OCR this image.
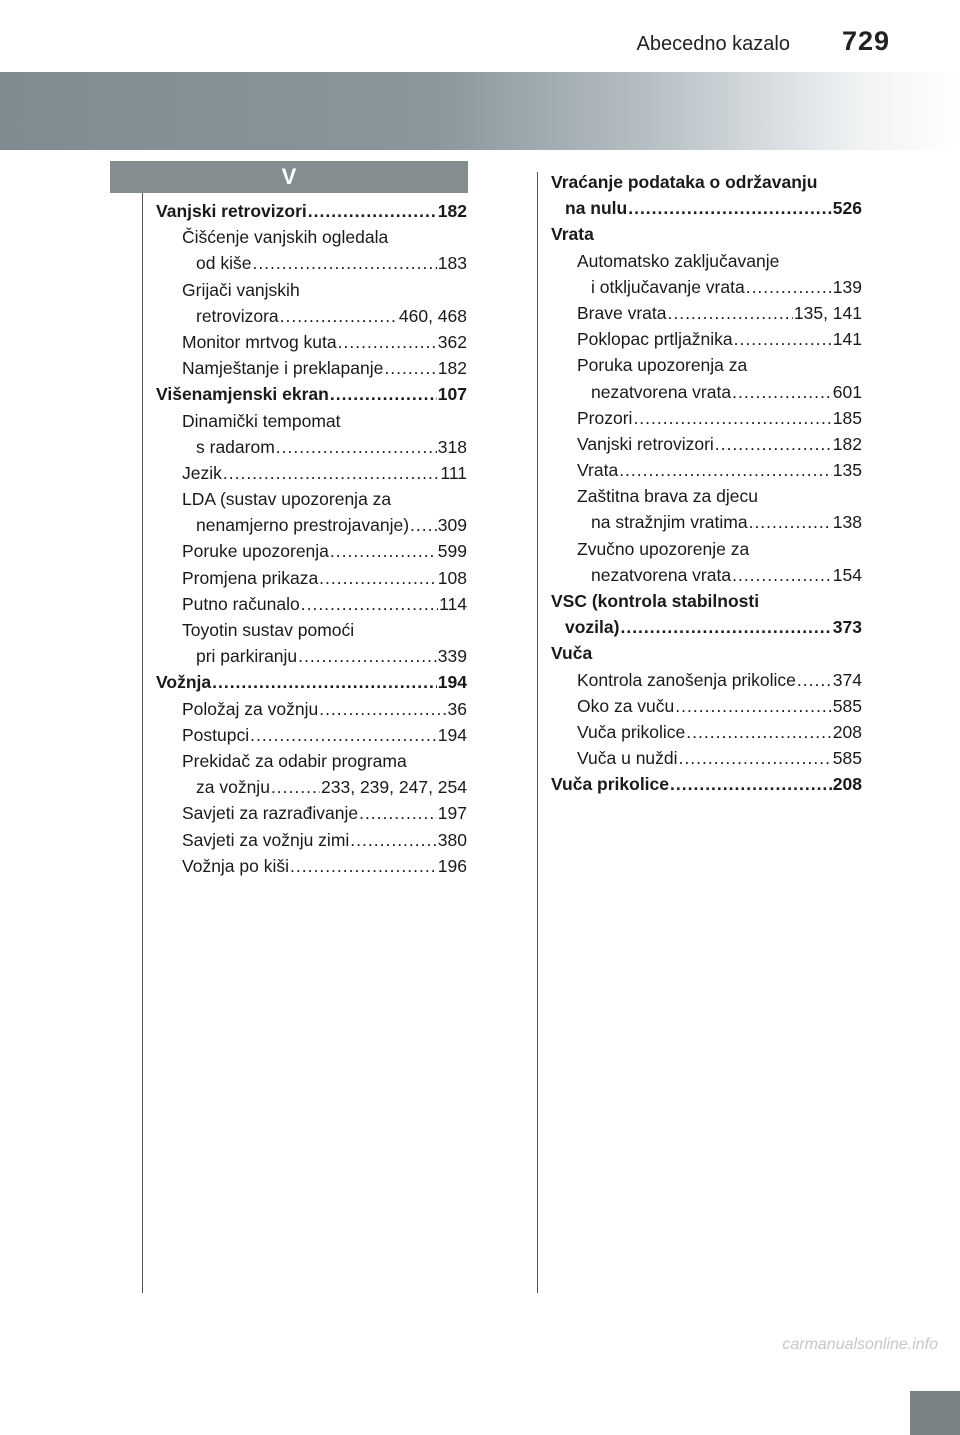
Abecedno kazalo 729
V
Vanjski retrovizori .....	182
Čišćenje vanjskih ogledala
od kiše .....	183
Grijači vanjskih
retrovizora .....	460, 468
Monitor mrtvog kuta .....	362
Namještanje i preklapanje .....	182
Višenamjenski ekran .....	107
Dinamički tempomat
s radarom .....	318
Jezik .....	111
LDA (sustav upozorenja za
nenamjerno prestrojavanje) ..... 309
Poruke upozorenja .....	599
Promjena prikaza .....	108
Putno računalo .....	114
Toyotin sustav pomoći
pri parkiranju .....	339
Vožnja .....	194
Položaj za vožnju .....	36
Postupci .....	194
Prekidač za odabir programa
za vožnju .....	233, 239, 247, 254
Savjeti za razrađivanje .....	197
Savjeti za vožnju zimi .....	380
Vožnja po kiši .....	196
Vraćanje podataka o održavanju
na nulu .....	526
Vrata
Automatsko zaključavanje
i otključavanje vrata .....	139
Brave vrata .....	135, 141
Poklopac prtljažnika .....	141
Poruka upozorenja za
nezatvorena vrata .....	601
Prozori .....	185
Vanjski retrovizori .....	182
Vrata .....	135
Zaštitna brava za djecu
na stražnjim vratima .....	138
Zvučno upozorenje za
nezatvorena vrata .....	154
VSC (kontrola stabilnosti
vozila) .....	373
Vuča
Kontrola zanošenja prikolice ..... 374
Oko za vuču .....	585
Vuča prikolice .....	208
Vuča u nuždi .....	585
Vuča prikolice .....	208
carmanualsonline.info
